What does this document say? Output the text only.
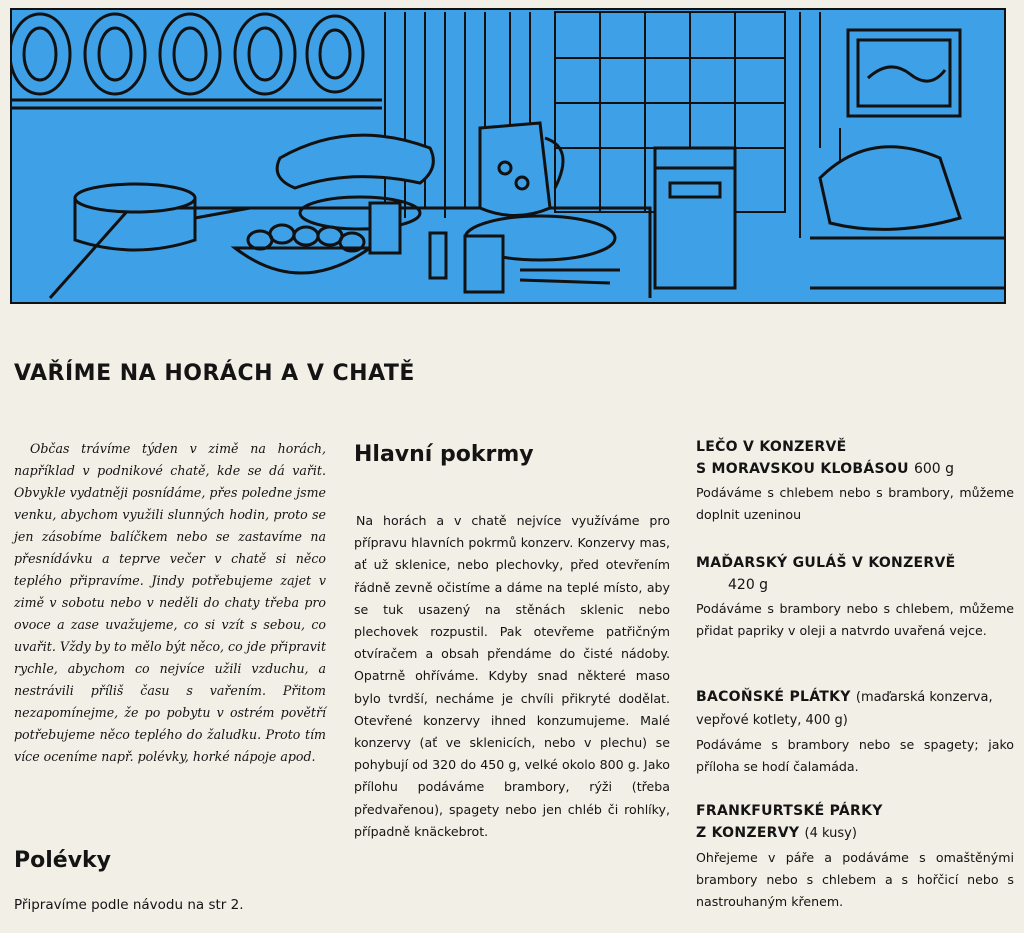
VAŘÍME NA HORÁCH A V CHATĚ

Občas trávíme týden v zimě na horách, například v podnikové chatě, kde se dá vařit. Obvykle vydatněji posnídáme, přes poledne jsme venku, abychom využili slunných hodin, proto se jen zásobíme balíčkem nebo se zastavíme na přesnídávku a teprve večer v chatě si něco teplého připravíme. Jindy potřebujeme zajet v zimě v sobotu nebo v neděli do chaty třeba pro ovoce a zase uvažujeme, co si vzít s sebou, co uvařit. Vždy by to mělo být něco, co jde připravit rychle, abychom co nejvíce užili vzduchu, a nestrávili příliš času s vařením. Přitom nezapomínejme, že po pobytu v ostrém povětří potřebujeme něco teplého do žaludku. Proto tím více oceníme např. polévky, horké nápoje apod.

Polévky

Připravíme podle návodu na str 2.

Hlavní pokrmy

Na horách a v chatě nejvíce využíváme pro přípravu hlavních pokrmů konzerv. Konzervy mas, ať už sklenice, nebo plechovky, před otevřením řádně zevně očistíme a dáme na teplé místo, aby se tuk usazený na stěnách sklenic nebo plechovek rozpustil. Pak otevřeme patřičným otvíračem a obsah přendáme do čisté nádoby. Opatrně ohříváme. Kdyby snad některé maso bylo tvrdší, necháme je chvíli přikryté dodělat. Otevřené konzervy ihned konzumujeme. Malé konzervy (ať ve sklenicích, nebo v plechu) se pohybují od 320 do 450 g, velké okolo 800 g. Jako přílohu podáváme brambory, rýži (třeba předvařenou), spagety nebo jen chléb či rohlíky, případně knäckebrot.

LEČO V KONZERVĚ
S MORAVSKOU KLOBÁSOU 600 g

Podáváme s chlebem nebo s brambory, můžeme doplnit uzeninou

MAĎARSKÝ GULÁŠ V KONZERVĚ
420 g

Podáváme s brambory nebo s chlebem, můžeme přidat papriky v oleji a natvrdo uvařená vejce.

BACOŇSKÉ PLÁTKY (maďarská konzerva, vepřové kotlety, 400 g)

Podáváme s brambory nebo se spagety; jako příloha se hodí čalamáda.

FRANKFURTSKÉ PÁRKY
Z KONZERVY (4 kusy)

Ohřejeme v páře a podáváme s omaštěnými brambory nebo s chlebem a s hořčicí nebo s nastrouhaným křenem.
